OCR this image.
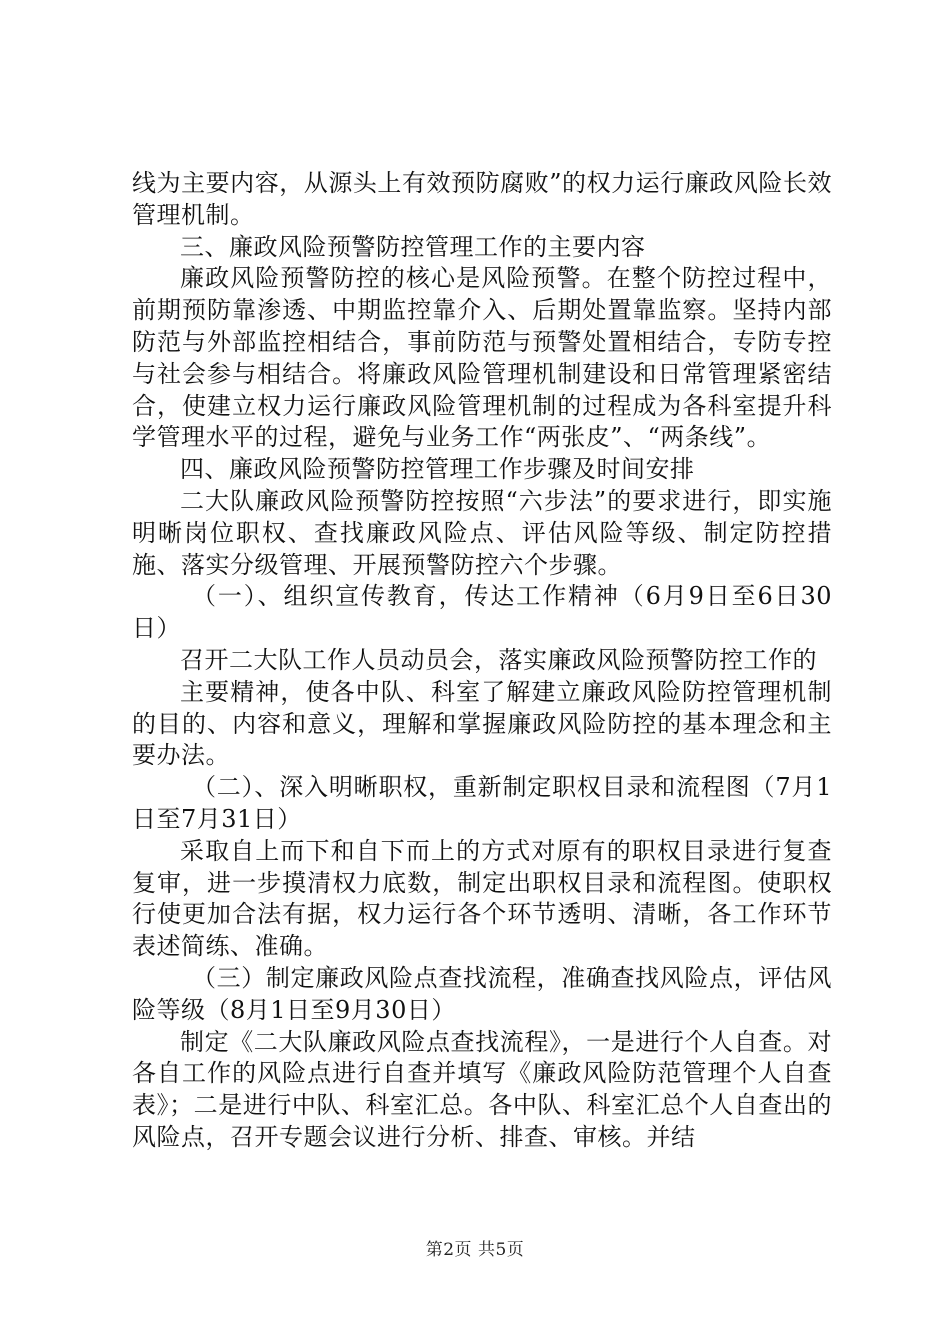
线为主要内容，从源头上有效预防腐败”的权力运行廉政风险长效管理机制。

三、廉政风险预警防控管理工作的主要内容

廉政风险预警防控的核心是风险预警。在整个防控过程中，前期预防靠渗透、中期监控靠介入、后期处置靠监察。坚持内部防范与外部监控相结合，事前防范与预警处置相结合，专防专控与社会参与相结合。将廉政风险管理机制建设和日常管理紧密结合，使建立权力运行廉政风险管理机制的过程成为各科室提升科学管理水平的过程，避免与业务工作“两张皮”、“两条线”。

四、廉政风险预警防控管理工作步骤及时间安排

二大队廉政风险预警防控按照“六步法”的要求进行，即实施明晰岗位职权、查找廉政风险点、评估风险等级、制定防控措施、落实分级管理、开展预警防控六个步骤。

（一）、组织宣传教育，传达工作精神（6月9日至6日30日）

召开二大队工作人员动员会，落实廉政风险预警防控工作的

主要精神，使各中队、科室了解建立廉政风险防控管理机制的目的、内容和意义，理解和掌握廉政风险防控的基本理念和主要办法。

（二）、深入明晰职权，重新制定职权目录和流程图（7月1日至7月31日）

采取自上而下和自下而上的方式对原有的职权目录进行复查复审，进一步摸清权力底数，制定出职权目录和流程图。使职权行使更加合法有据，权力运行各个环节透明、清晰，各工作环节表述简练、准确。

（三）制定廉政风险点查找流程，准确查找风险点，评估风险等级（8月1日至9月30日）

制定《二大队廉政风险点查找流程》，一是进行个人自查。对各自工作的风险点进行自查并填写《廉政风险防范管理个人自查表》；二是进行中队、科室汇总。各中队、科室汇总个人自查出的风险点，召开专题会议进行分析、排查、审核。并结

第2页 共5页
